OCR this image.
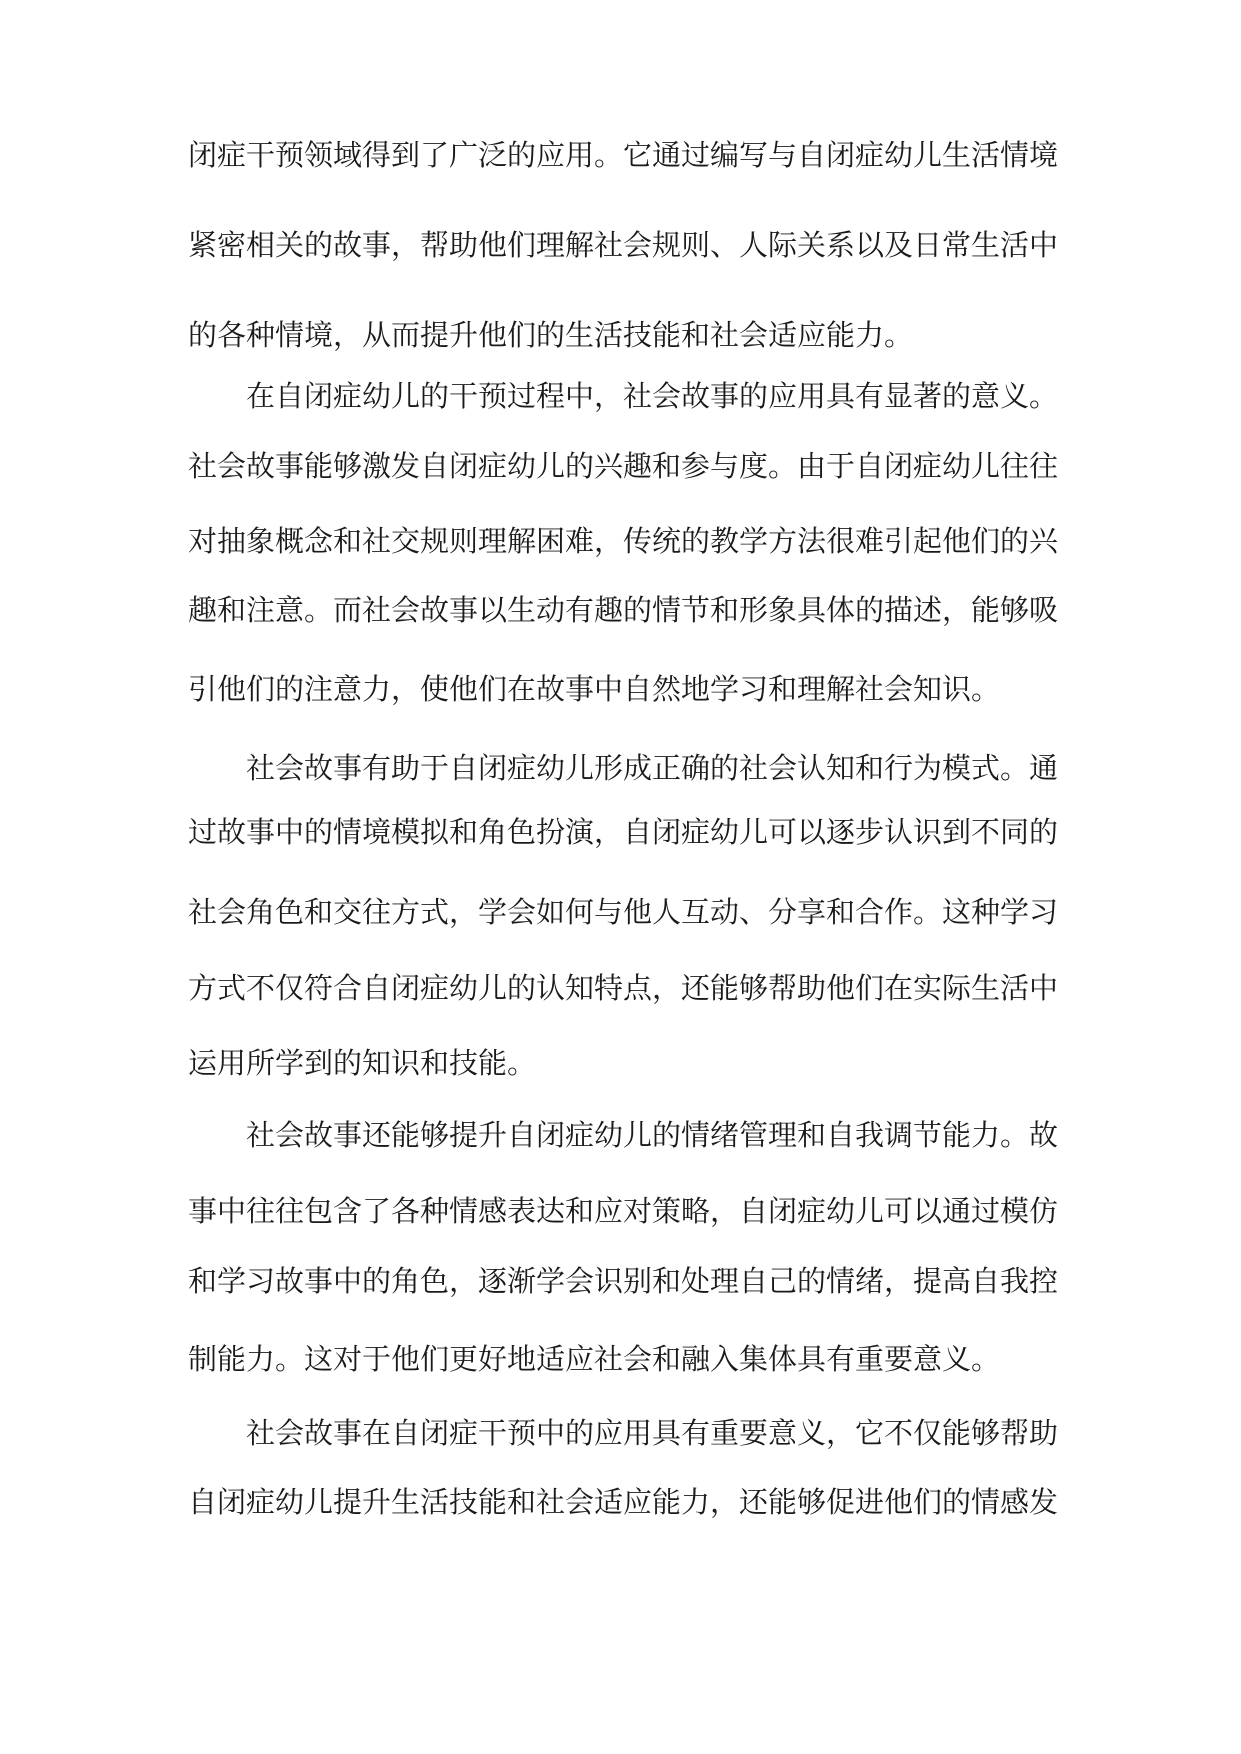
闭症干预领域得到了广泛的应用。它通过编写与自闭症幼儿生活情境
紧密相关的故事，帮助他们理解社会规则、人际关系以及日常生活中
的各种情境，从而提升他们的生活技能和社会适应能力。
在自闭症幼儿的干预过程中，社会故事的应用具有显著的意义。
社会故事能够激发自闭症幼儿的兴趣和参与度。由于自闭症幼儿往往
对抽象概念和社交规则理解困难，传统的教学方法很难引起他们的兴
趣和注意。而社会故事以生动有趣的情节和形象具体的描述，能够吸
引他们的注意力，使他们在故事中自然地学习和理解社会知识。
社会故事有助于自闭症幼儿形成正确的社会认知和行为模式。通
过故事中的情境模拟和角色扮演，自闭症幼儿可以逐步认识到不同的
社会角色和交往方式，学会如何与他人互动、分享和合作。这种学习
方式不仅符合自闭症幼儿的认知特点，还能够帮助他们在实际生活中
运用所学到的知识和技能。
社会故事还能够提升自闭症幼儿的情绪管理和自我调节能力。故
事中往往包含了各种情感表达和应对策略，自闭症幼儿可以通过模仿
和学习故事中的角色，逐渐学会识别和处理自己的情绪，提高自我控
制能力。这对于他们更好地适应社会和融入集体具有重要意义。
社会故事在自闭症干预中的应用具有重要意义，它不仅能够帮助
自闭症幼儿提升生活技能和社会适应能力，还能够促进他们的情感发
